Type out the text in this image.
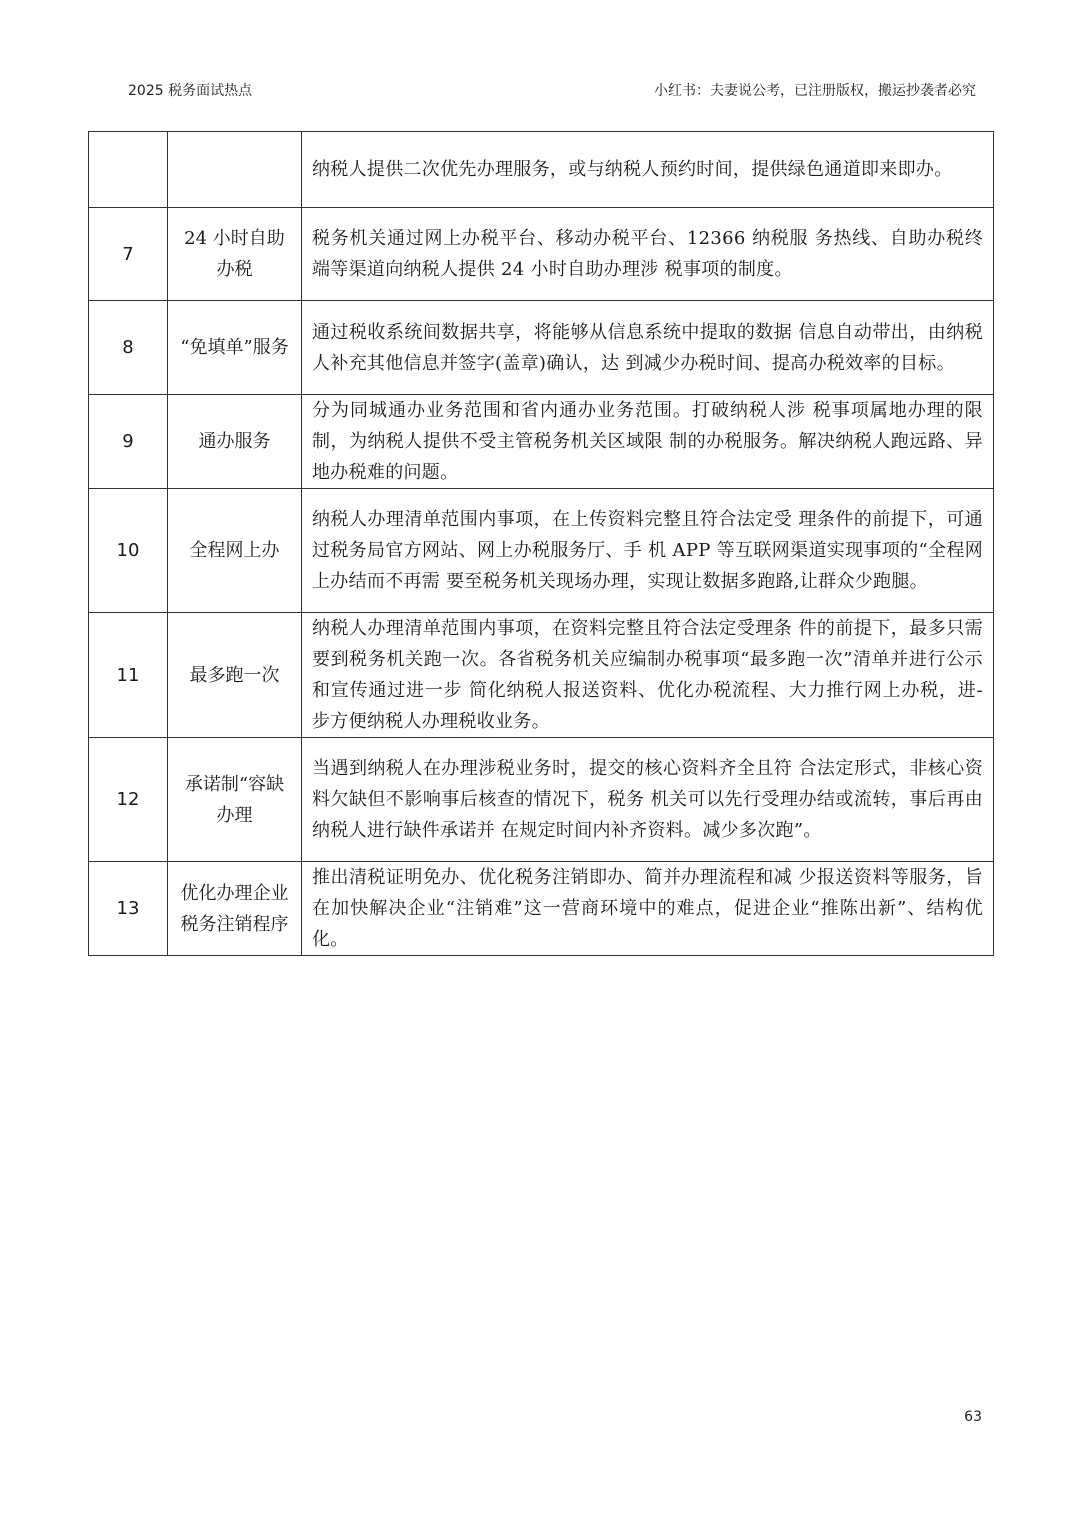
2025 税务面试热点	小红书：夫妻说公考，已注册版权，搬运抄袭者必究
		纳税人提供二次优先办理服务，或与纳税人预约时间，提供绿色通道即来即办。
7	24 小时自助办税	税务机关通过网上办税平台、移动办税平台、12366 纳税服 务热线、自助办税终端等渠道向纳税人提供 24 小时自助办理涉 税事项的制度。
8	“免填单”服务	通过税收系统间数据共享，将能够从信息系统中提取的数据 信息自动带出，由纳税人补充其他信息并签字(盖章)确认，达 到减少办税时间、提高办税效率的目标。
9	通办服务	分为同城通办业务范围和省内通办业务范围。打破纳税人涉 税事项属地办理的限制，为纳税人提供不受主管税务机关区域限 制的办税服务。解决纳税人跑远路、异地办税难的问题。
10	全程网上办	纳税人办理清单范围内事项，在上传资料完整且符合法定受 理条件的前提下，可通过税务局官方网站、网上办税服务厅、手 机 APP 等互联网渠道实现事项的“全程网上办结而不再需 要至税务机关现场办理，实现让数据多跑路,让群众少跑腿。
11	最多跑一次	纳税人办理清单范围内事项，在资料完整且符合法定受理条 件的前提下，最多只需要到税务机关跑一次。各省税务机关应编制办税事项“最多跑一次”清单并进行公示和宣传通过进一步 简化纳税人报送资料、优化办税流程、大力推行网上办税，进- 步方便纳税人办理税收业务。
12	承诺制“容缺办理	当遇到纳税人在办理涉税业务时，提交的核心资料齐全且符 合法定形式，非核心资料欠缺但不影响事后核查的情况下，税务 机关可以先行受理办结或流转，事后再由纳税人进行缺件承诺并 在规定时间内补齐资料。减少多次跑”。
13	优化办理企业税务注销程序	推出清税证明免办、优化税务注销即办、简并办理流程和减 少报送资料等服务，旨在加快解决企业“注销难”这一营商环境中的难点，促进企业“推陈出新”、结构优化。
63
